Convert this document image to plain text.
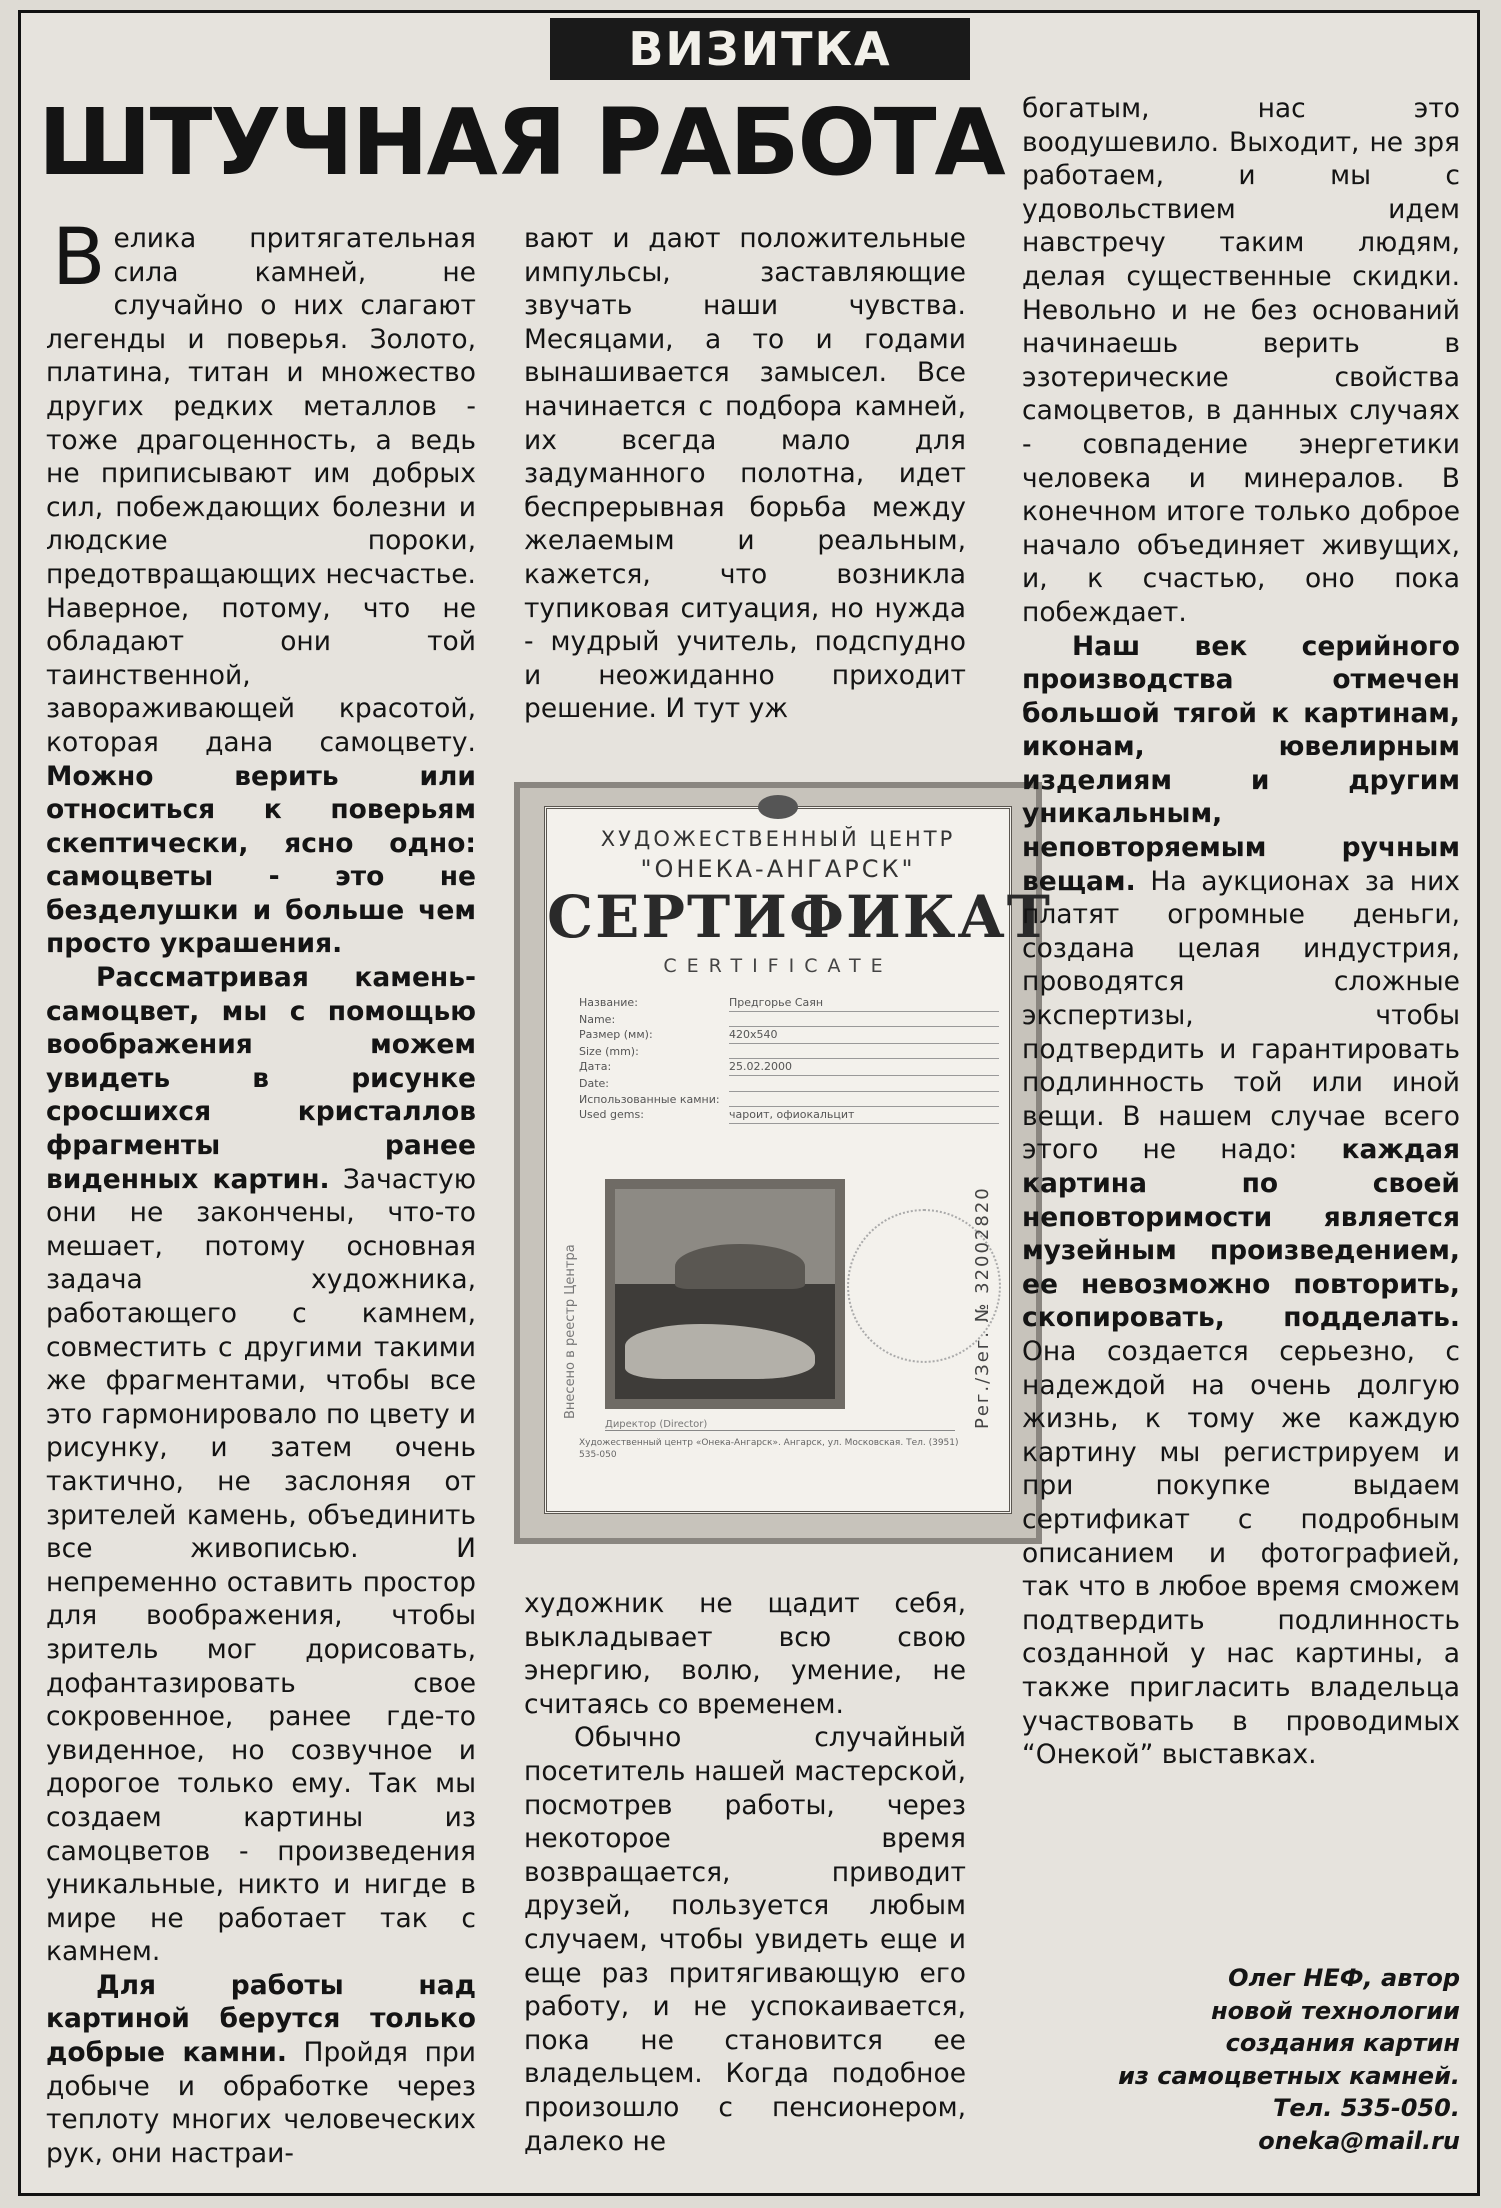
ВИЗИТКА
ШТУЧНАЯ РАБОТА

Велика притягательная сила камней, не случайно о них слагают легенды и поверья. Золото, платина, титан и множество других редких металлов - тоже драгоценность, а ведь не приписывают им добрых сил, побеждающих болезни и людские пороки, предотвращающих несчастье. Наверное, потому, что не обладают они той таинственной, завораживающей красотой, которая дана самоцвету. Можно верить или относиться к поверьям скептически, ясно одно: самоцветы - это не безделушки и больше чем просто украшения.

Рассматривая камень-самоцвет, мы с помощью воображения можем увидеть в рисунке сросшихся кристаллов фрагменты ранее виденных картин. Зачастую они не закончены, что-то мешает, потому основная задача художника, работающего с камнем, совместить с другими такими же фрагментами, чтобы все это гармонировало по цвету и рисунку, и затем очень тактично, не заслоняя от зрителей камень, объединить все живописью. И непременно оставить простор для воображения, чтобы зритель мог дорисовать, дофантазировать свое сокровенное, ранее где-то увиденное, но созвучное и дорогое только ему. Так мы создаем картины из самоцветов - произведения уникальные, никто и нигде в мире не работает так с камнем.

Для работы над картиной берутся только добрые камни. Пройдя при добыче и обработке через теплоту многих человеческих рук, они настраи-

вают и дают положительные импульсы, заставляющие звучать наши чувства. Месяцами, а то и годами вынашивается замысел. Все начинается с подбора камней, их всегда мало для задуманного полотна, идет беспрерывная борьба между желаемым и реальным, кажется, что возникла тупиковая ситуация, но нужда - мудрый учитель, подспудно и неожиданно приходит решение. И тут уж

ХУДОЖЕСТВЕННЫЙ ЦЕНТР
"ОНЕКА-АНГАРСК"
СЕРТИФИКАТ
CERTIFICATE
Название:	Предгорье Саян
Name:
Размер (мм):	420х540
Size (mm):
Дата:	25.02.2000
Date:
Использованные камни:
Used gems:	чароит, офиокальцит
Директор (Director)
Художественный центр «Онека-Ангарск». Ангарск, ул. Московская. Тел. (3951) 535-050
Рег./Зег. № 32002820
Внесено в реестр Центра

художник не щадит себя, выкладывает всю свою энергию, волю, умение, не считаясь со временем.

Обычно случайный посетитель нашей мастерской, посмотрев работы, через некоторое время возвращается, приводит друзей, пользуется любым случаем, чтобы увидеть еще и еще раз притягивающую его работу, и не успокаивается, пока не становится ее владельцем. Когда подобное произошло с пенсионером, далеко не

богатым, нас это воодушевило. Выходит, не зря работаем, и мы с удовольствием идем навстречу таким людям, делая существенные скидки. Невольно и не без оснований начинаешь верить в эзотерические свойства самоцветов, в данных случаях - совпадение энергетики человека и минералов. В конечном итоге только доброе начало объединяет живущих, и, к счастью, оно пока побеждает.

Наш век серийного производства отмечен большой тягой к картинам, иконам, ювелирным изделиям и другим уникальным, неповторяемым ручным вещам. На аукционах за них платят огромные деньги, создана целая индустрия, проводятся сложные экспертизы, чтобы подтвердить и гарантировать подлинность той или иной вещи. В нашем случае всего этого не надо: каждая картина по своей неповторимости является музейным произведением, ее невозможно повторить, скопировать, подделать. Она создается серьезно, с надеждой на очень долгую жизнь, к тому же каждую картину мы регистрируем и при покупке выдаем сертификат с подробным описанием и фотографией, так что в любое время сможем подтвердить подлинность созданной у нас картины, а также пригласить владельца участвовать в проводимых “Онекой” выставках.

Олег НЕФ, автор
новой технологии
создания картин
из самоцветных камней.
Тел. 535-050.
oneka@mail.ru
